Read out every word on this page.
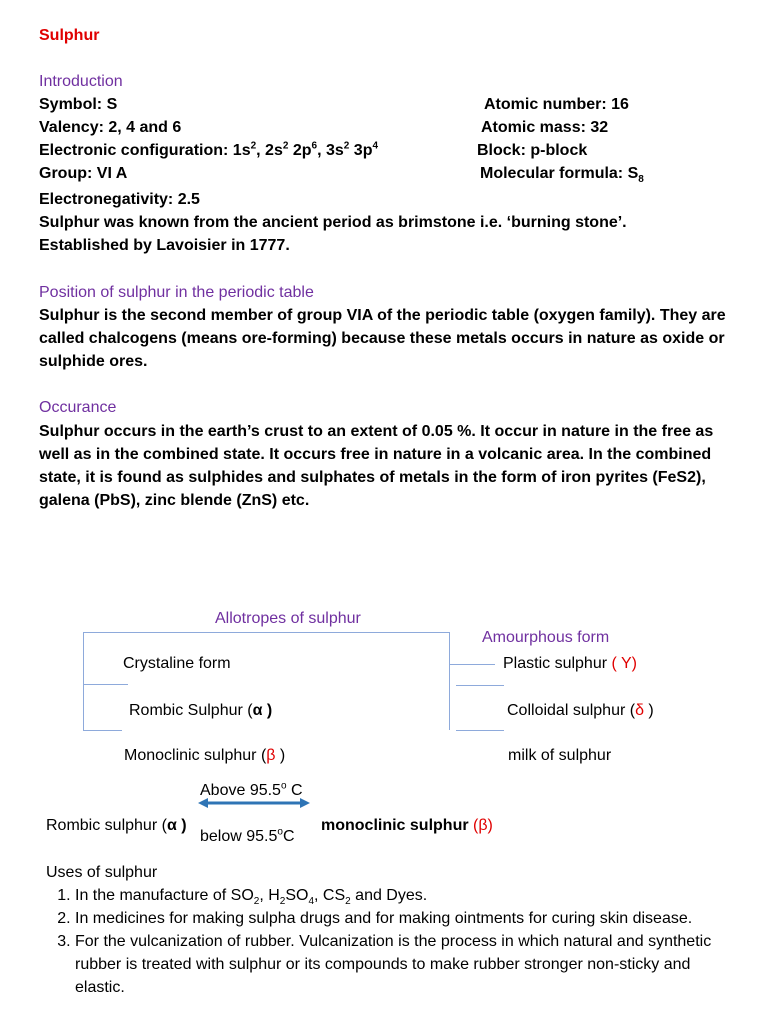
Sulphur
Introduction
Symbol: S
Valency: 2, 4 and 6
Electronic configuration: $1s^2$, $2s^2$ $2p^6$, $3s^2$ $3p^4$
Group: VI A
Electronegativity: 2.5
Atomic number: 16
Atomic mass: 32
Block: p-block
Molecular formula: $S_8$
Sulphur was known from the ancient period as brimstone i.e. ‘burning stone’.
Established by Lavoisier in 1777.
Position of sulphur in the periodic table
Sulphur is the second member of group VIA of the periodic table (oxygen family). They are called chalcogens (means ore-forming) because these metals occurs in nature as oxide or sulphide ores.
Occurance
Sulphur occurs in the earth’s crust to an extent of 0.05 %. It occur in nature in the free as well as in the combined state. It occurs free in nature in a volcanic area. In the combined state, it is found as sulphides and sulphates of metals in the form of iron pyrites (FeS2), galena (PbS), zinc blende (ZnS) etc.
Allotropes of sulphur
Crystaline form
Rombic Sulphur (α )
Monoclinic sulphur (β )
Amourphous form
Plastic sulphur ( Y)
Colloidal sulphur (δ )
milk of sulphur
Above 95.5$^o$ C
Rombic sulphur (α )
below 95.5$^o$C
monoclinic sulphur (β)
Uses of sulphur
1. In the manufacture of $SO_2$, $H_2SO_4$, $CS_2$ and Dyes.
2. In medicines for making sulpha drugs and for making ointments for curing skin disease.
3. For the vulcanization of rubber. Vulcanization is the process in which natural and synthetic rubber is treated with sulphur or its compounds to make rubber stronger non-sticky and elastic.
